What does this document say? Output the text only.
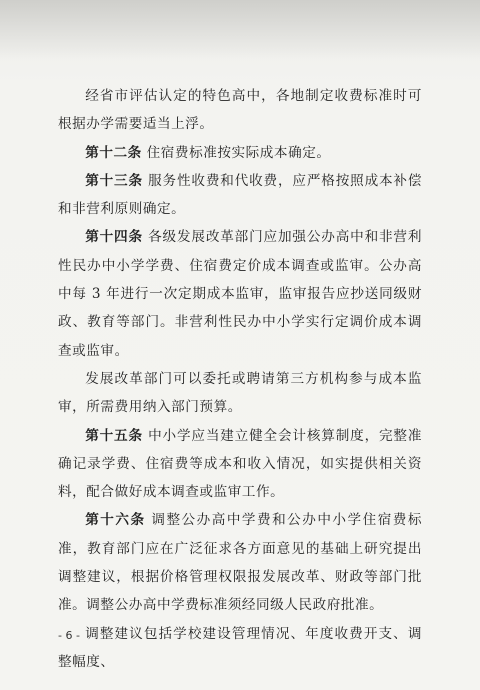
经省市评估认定的特色高中，各地制定收费标准时可根据办学需要适当上浮。

第十二条 住宿费标准按实际成本确定。

第十三条 服务性收费和代收费，应严格按照成本补偿和非营利原则确定。

第十四条 各级发展改革部门应加强公办高中和非营利性民办中小学学费、住宿费定价成本调查或监审。公办高中每 3 年进行一次定期成本监审，监审报告应抄送同级财政、教育等部门。非营利性民办中小学实行定调价成本调查或监审。

发展改革部门可以委托或聘请第三方机构参与成本监审，所需费用纳入部门预算。

第十五条 中小学应当建立健全会计核算制度，完整准确记录学费、住宿费等成本和收入情况，如实提供相关资料，配合做好成本调查或监审工作。

第十六条 调整公办高中学费和公办中小学住宿费标准，教育部门应在广泛征求各方面意见的基础上研究提出调整建议，根据价格管理权限报发展改革、财政等部门批准。调整公办高中学费标准须经同级人民政府批准。

调整建议包括学校建设管理情况、年度收费开支、调整幅度、

- 6 -
